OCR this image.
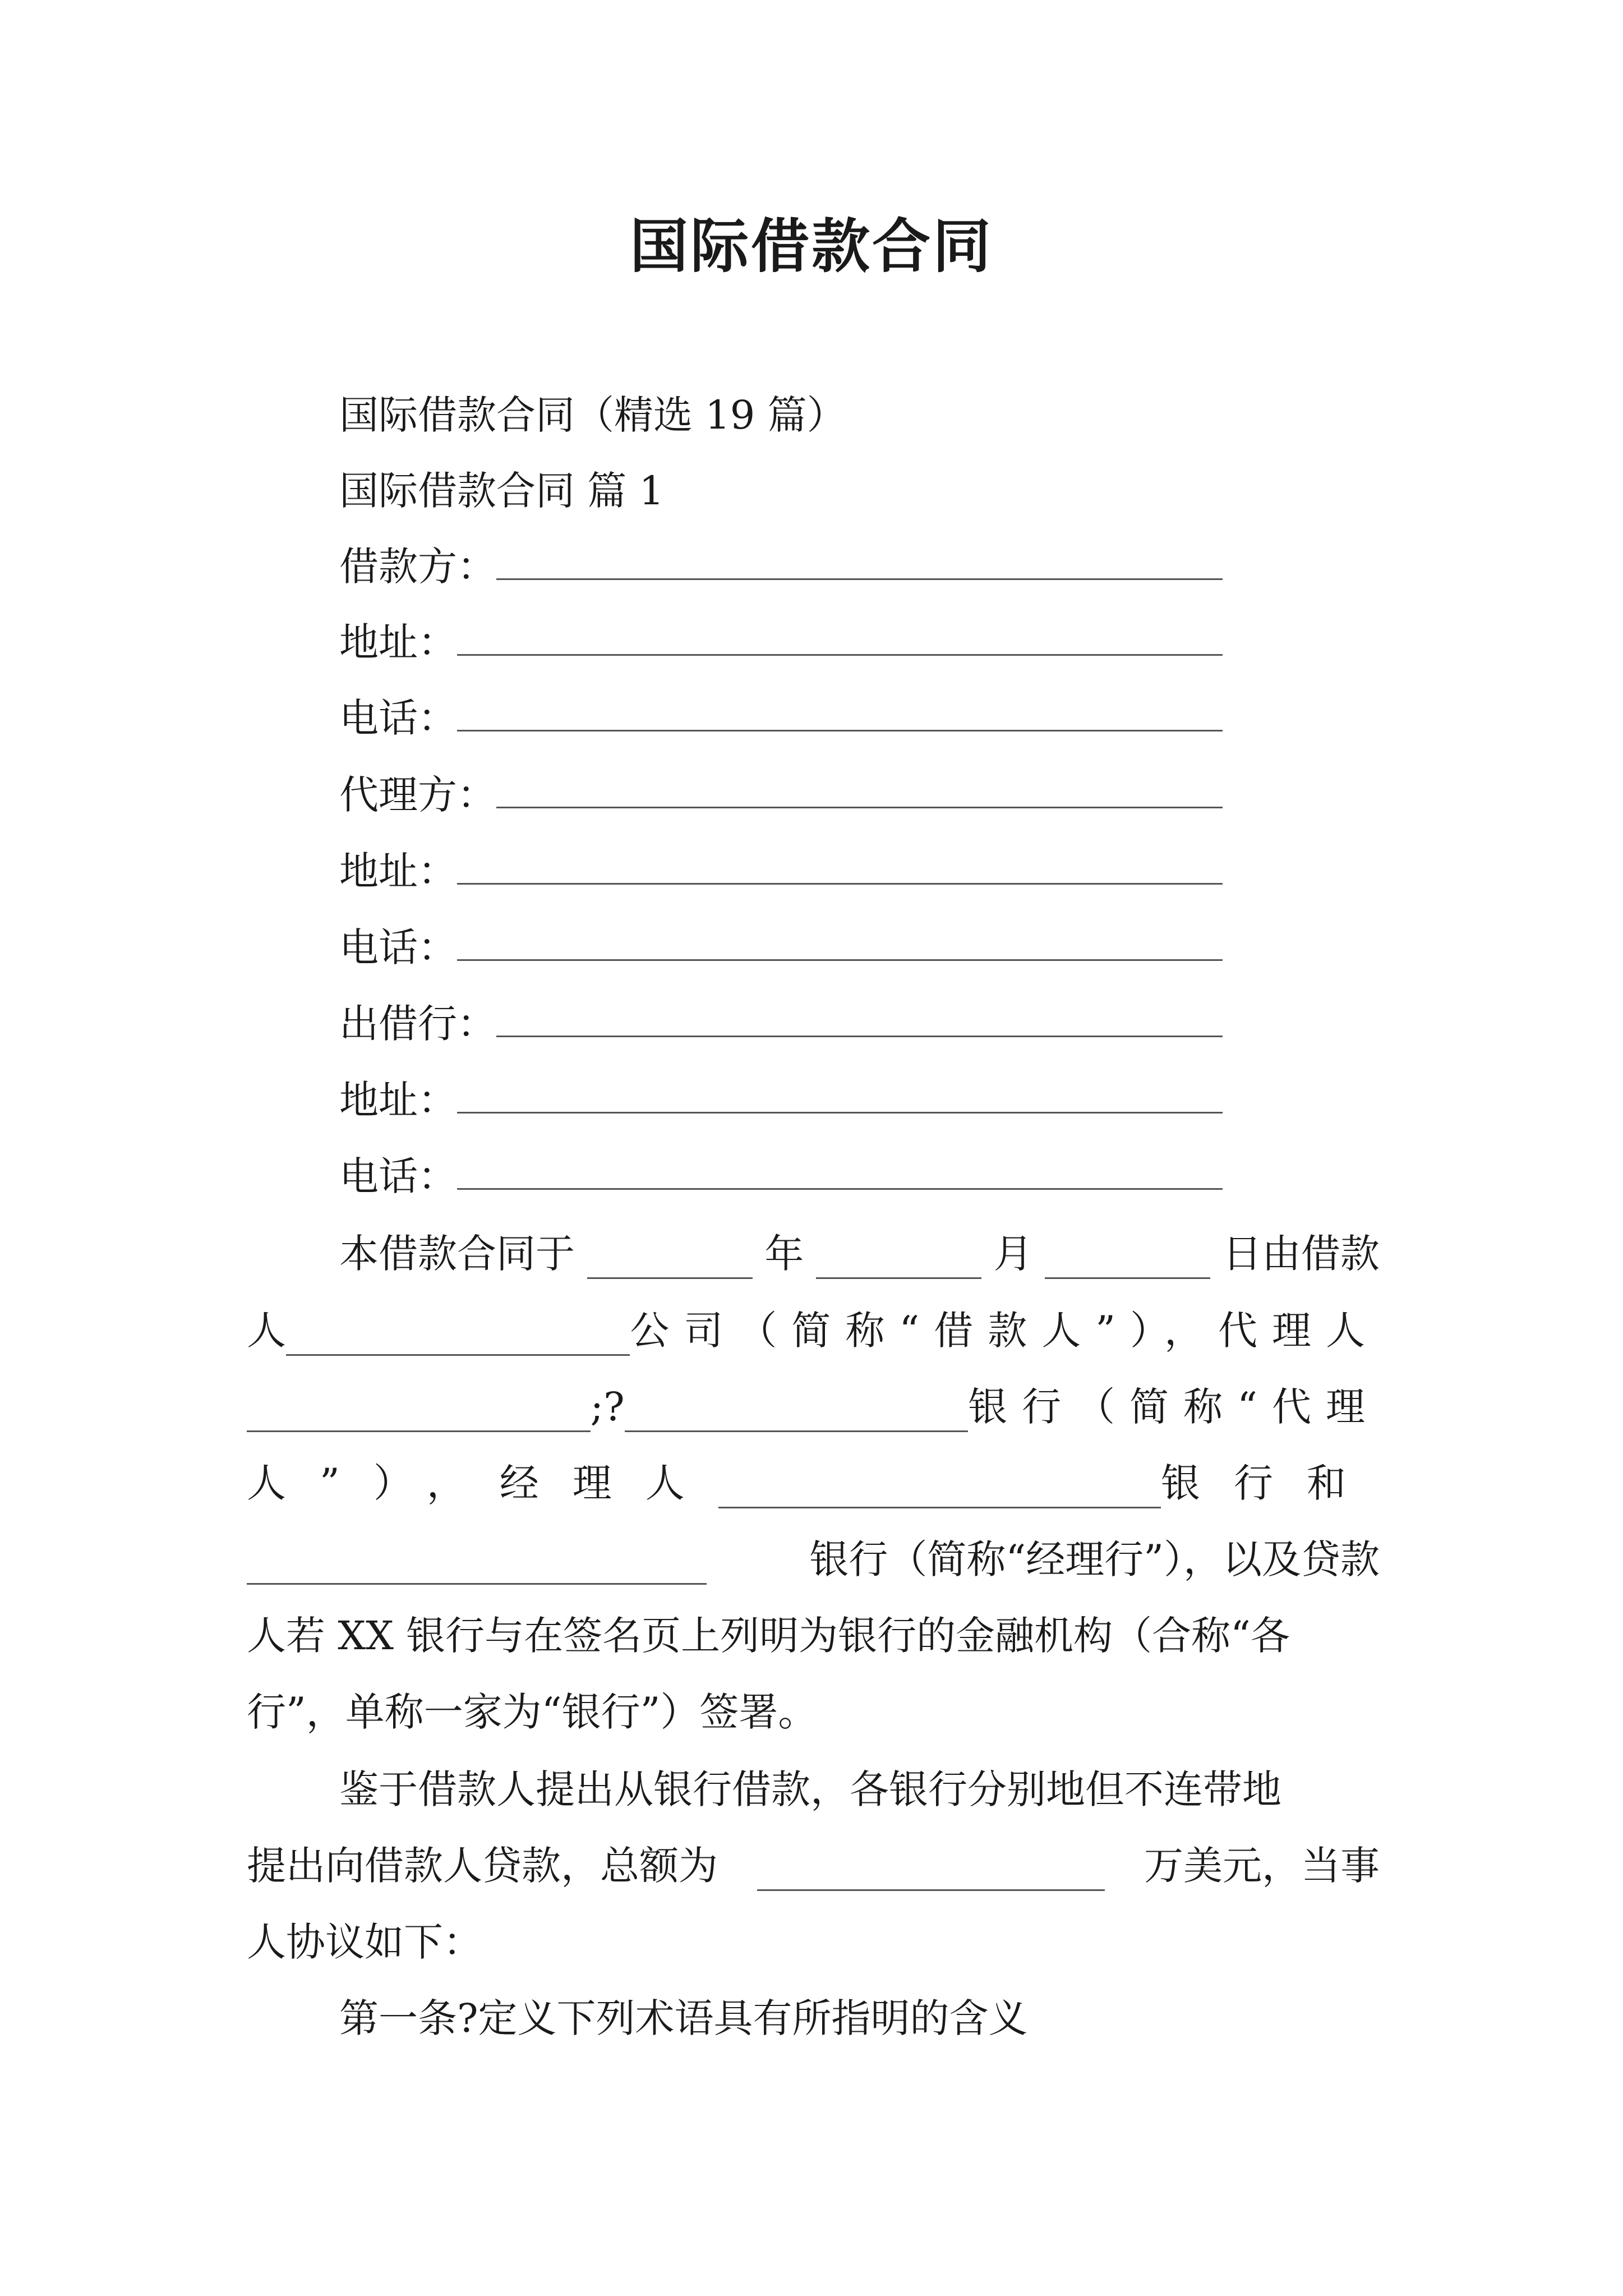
国际借款合同
国际借款合同（精选 19 篇）
国际借款合同 篇 1
借款方：
地址：
电话：
代理方：
地址：
电话：
出借行：
地址：
电话：
本借款合同于	年	月	日由借款
人	公司（简称“借款人”），代理人
;?	银行（简称“代理
人”），经理人	银行和
银行（简称“经理行”），以及贷款
人若 XX 银行与在签名页上列明为银行的金融机构（合称“各
行”，单称一家为“银行”）签署。
鉴于借款人提出从银行借款，各银行分别地但不连带地
提出向借款人贷款，总额为	万美元，当事
人协议如下：
第一条?定义下列术语具有所指明的含义
